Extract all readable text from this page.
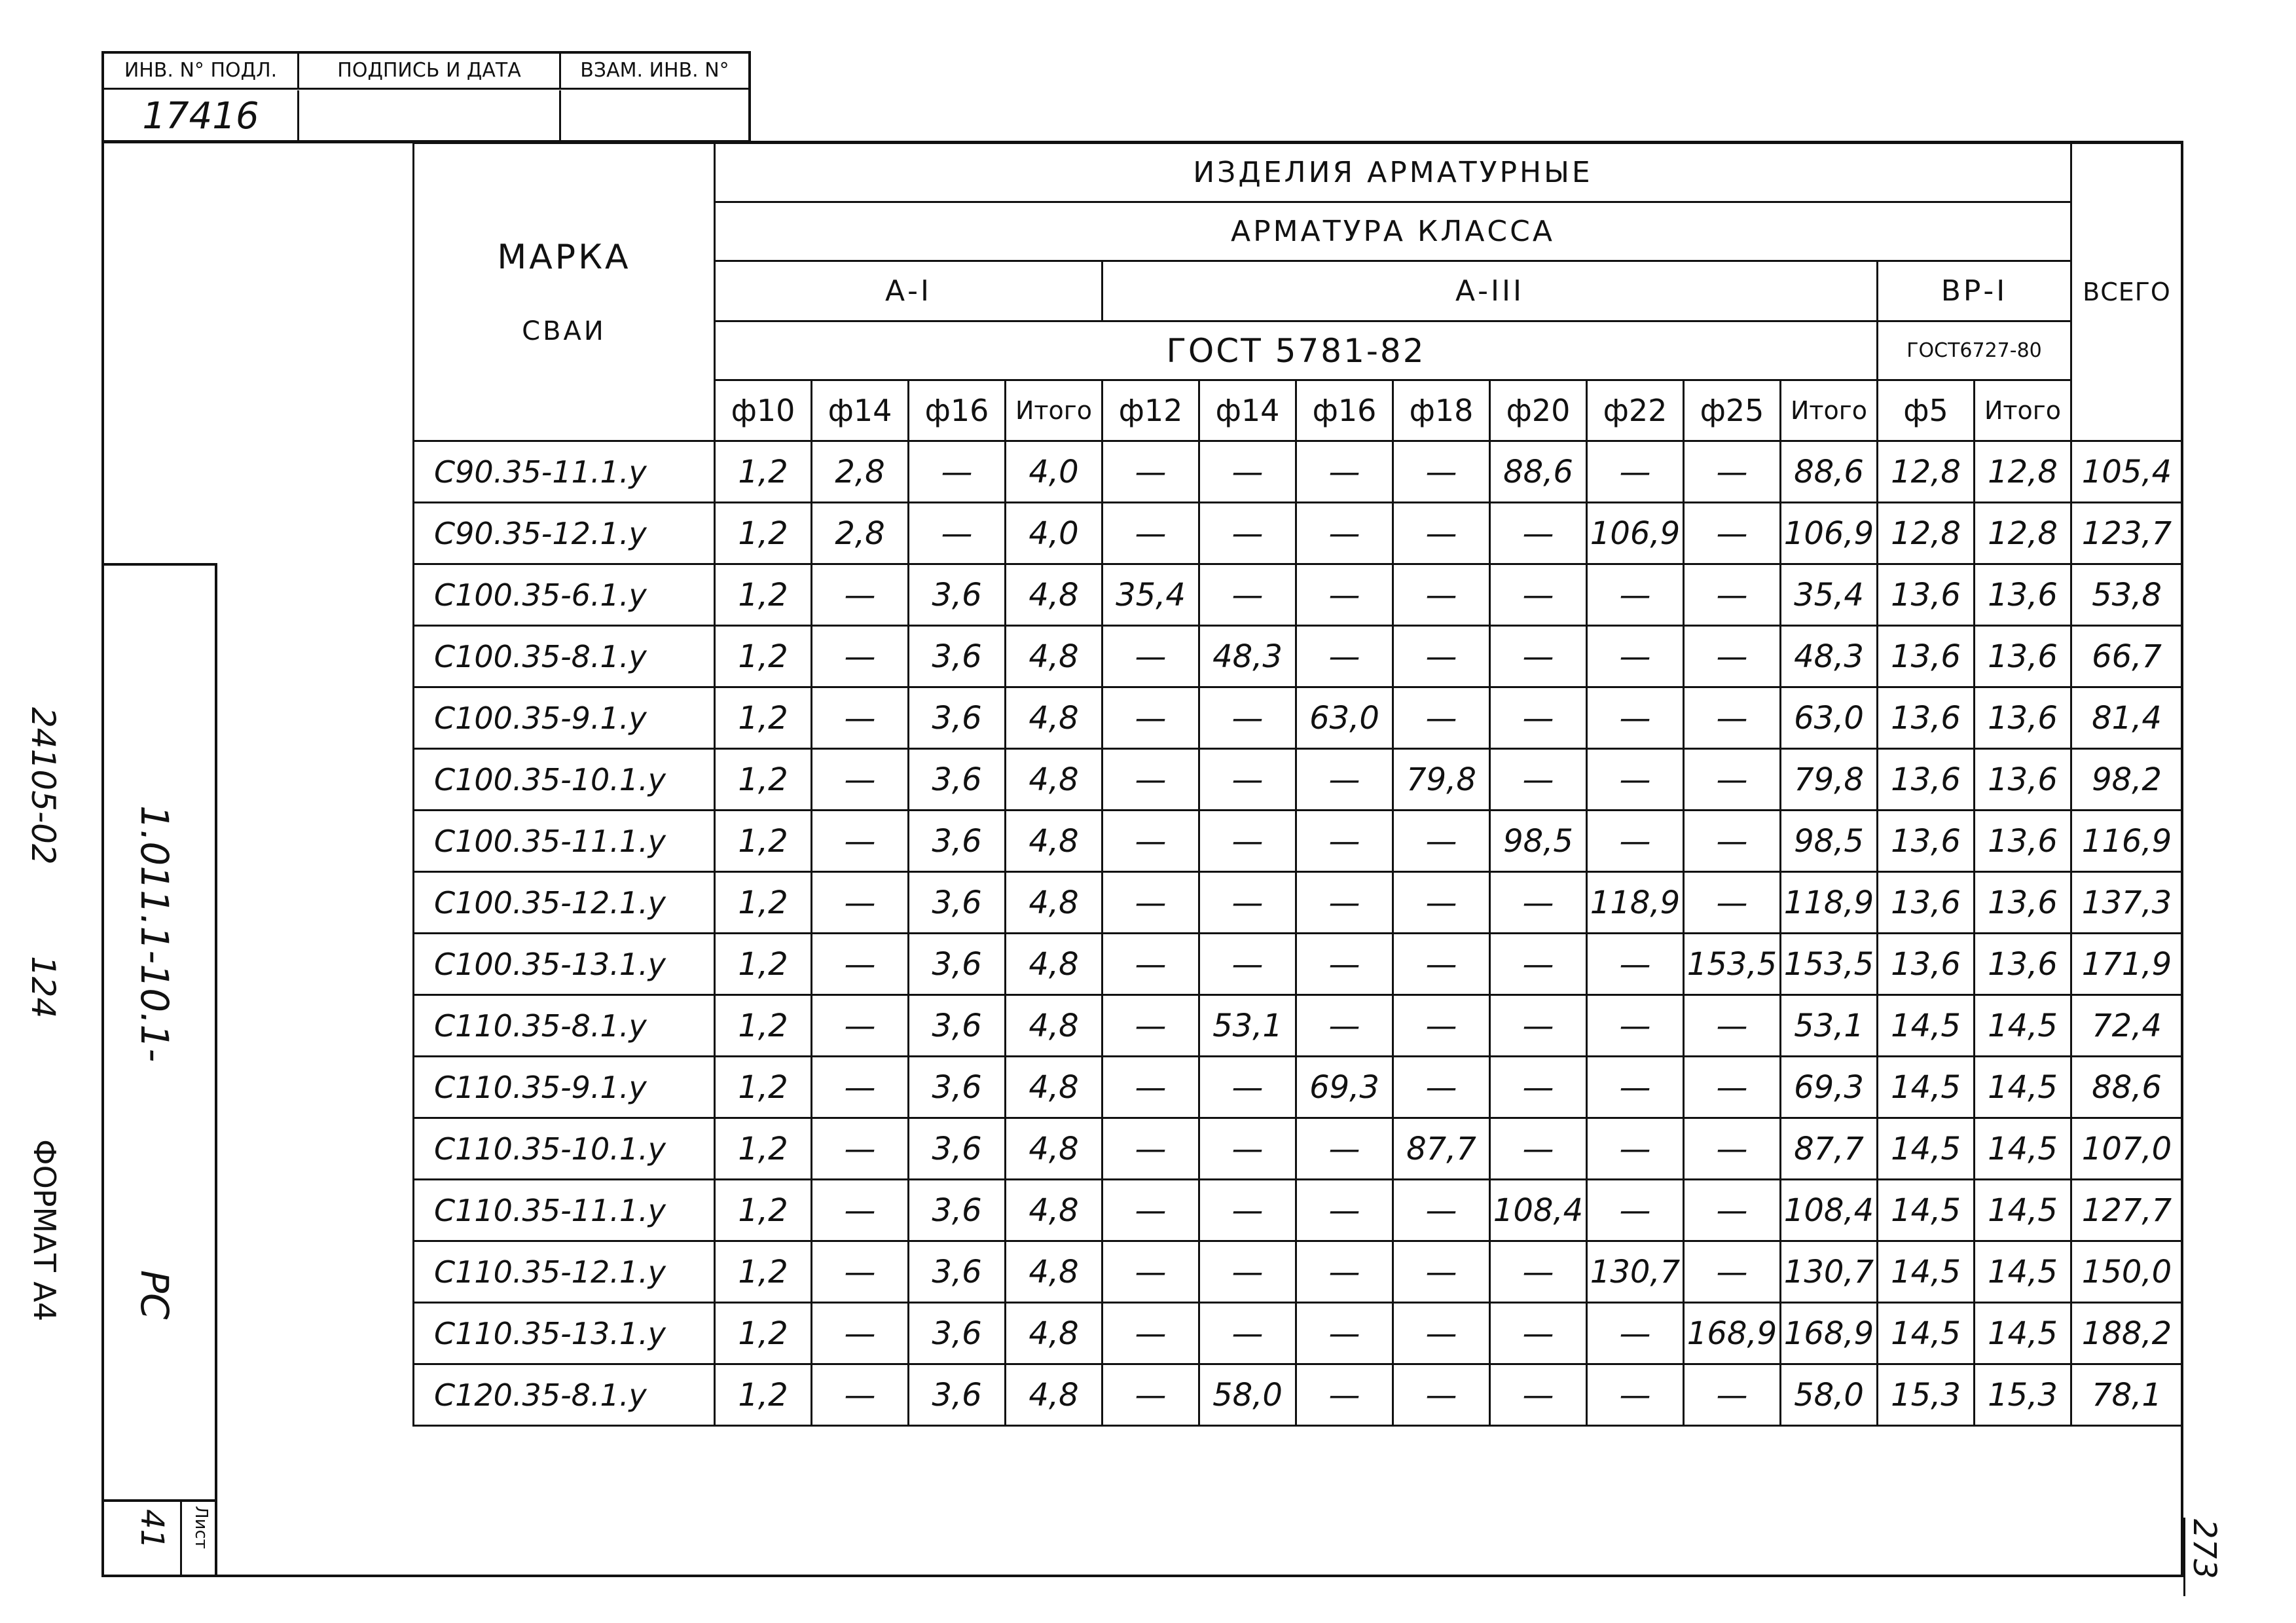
ИНВ. N° ПОДЛ.	ПОДПИСЬ И ДАТА	ВЗАМ. ИНВ. N°
17416
24105-02
124
ФОРМАТ А4
1.011.1-10.1-
PC
Лист
41	273
МАРКА
СВАИ	ИЗДЕЛИЯ АРМАТУРНЫЕ														ВСЕГО
	АРМАТУРА КЛАССА														
	А-I				А-III								ВР-I		
	ГОСТ 5781-82												ГОСТ6727-80		
	ф10	ф14	ф16	Итого	ф12	ф14	ф16	ф18	ф20	ф22	ф25	Итого	ф5	Итого	
С90.35-11.1.у	1,2	2,8	—	4,0	—	—	—	—	88,6	—	—	88,6	12,8	12,8	105,4
С90.35-12.1.у	1,2	2,8	—	4,0	—	—	—	—	—	106,9	—	106,9	12,8	12,8	123,7
С100.35-6.1.у	1,2	—	3,6	4,8	35,4	—	—	—	—	—	—	35,4	13,6	13,6	53,8
С100.35-8.1.у	1,2	—	3,6	4,8	—	48,3	—	—	—	—	—	48,3	13,6	13,6	66,7
С100.35-9.1.у	1,2	—	3,6	4,8	—	—	63,0	—	—	—	—	63,0	13,6	13,6	81,4
С100.35-10.1.у	1,2	—	3,6	4,8	—	—	—	79,8	—	—	—	79,8	13,6	13,6	98,2
С100.35-11.1.у	1,2	—	3,6	4,8	—	—	—	—	98,5	—	—	98,5	13,6	13,6	116,9
С100.35-12.1.у	1,2	—	3,6	4,8	—	—	—	—	—	118,9	—	118,9	13,6	13,6	137,3
С100.35-13.1.у	1,2	—	3,6	4,8	—	—	—	—	—	—	153,5	153,5	13,6	13,6	171,9
С110.35-8.1.у	1,2	—	3,6	4,8	—	53,1	—	—	—	—	—	53,1	14,5	14,5	72,4
С110.35-9.1.у	1,2	—	3,6	4,8	—	—	69,3	—	—	—	—	69,3	14,5	14,5	88,6
С110.35-10.1.у	1,2	—	3,6	4,8	—	—	—	87,7	—	—	—	87,7	14,5	14,5	107,0
С110.35-11.1.у	1,2	—	3,6	4,8	—	—	—	—	108,4	—	—	108,4	14,5	14,5	127,7
С110.35-12.1.у	1,2	—	3,6	4,8	—	—	—	—	—	130,7	—	130,7	14,5	14,5	150,0
С110.35-13.1.у	1,2	—	3,6	4,8	—	—	—	—	—	—	168,9	168,9	14,5	14,5	188,2
С120.35-8.1.у	1,2	—	3,6	4,8	—	58,0	—	—	—	—	—	58,0	15,3	15,3	78,1
